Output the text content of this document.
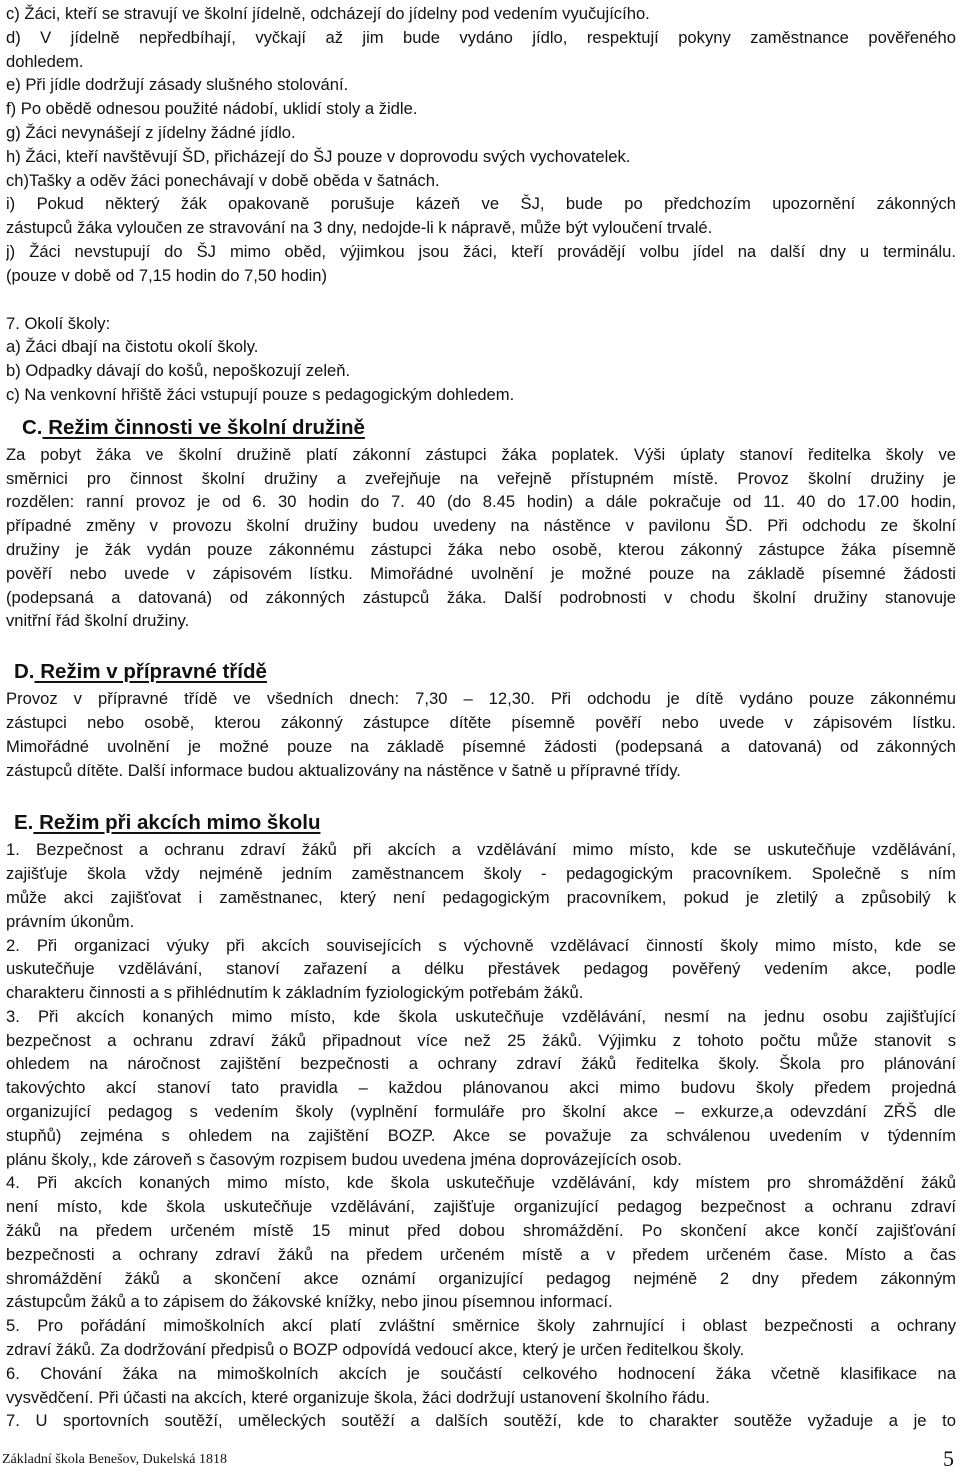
c) Žáci, kteří se stravují ve školní jídelně, odcházejí do jídelny pod vedením vyučujícího.
d) V jídelně nepředbíhají, vyčkají až jim bude vydáno jídlo, respektují pokyny zaměstnance pověřeného
dohledem.
e) Při jídle dodržují zásady slušného stolování.
f) Po obědě odnesou použité nádobí, uklidí stoly a židle.
g) Žáci nevynášejí z jídelny žádné jídlo.
h) Žáci, kteří navštěvují ŠD, přicházejí do ŠJ pouze v doprovodu svých vychovatelek.
ch)Tašky a oděv žáci ponechávají v době oběda v šatnách.
i) Pokud některý žák opakovaně porušuje kázeň ve ŠJ, bude po předchozím upozornění zákonných
zástupců žáka vyloučen ze stravování na 3 dny, nedojde-li k nápravě, může být vyloučení trvalé.
j) Žáci nevstupují do ŠJ mimo oběd, výjimkou jsou žáci, kteří provádějí volbu jídel na další dny u terminálu.
(pouze v době od 7,15 hodin do 7,50 hodin)
7. Okolí školy:
a) Žáci dbají na čistotu okolí školy.
b) Odpadky dávají do košů, nepoškozují zeleň.
c) Na venkovní hřiště žáci vstupují pouze s pedagogickým dohledem.
C. Režim činnosti ve školní družině
Za pobyt žáka ve školní družině platí zákonní zástupci žáka poplatek. Výši úplaty stanoví ředitelka školy ve
směrnici pro činnost školní družiny a zveřejňuje na veřejně přístupném místě. Provoz školní družiny je
rozdělen: ranní provoz je od 6. 30 hodin do 7. 40 (do 8.45 hodin) a dále pokračuje od 11. 40 do 17.00 hodin,
případné změny v provozu školní družiny budou uvedeny na nástěnce v pavilonu ŠD. Při odchodu ze školní
družiny je žák vydán pouze zákonnému zástupci žáka nebo osobě, kterou zákonný zástupce žáka písemně
pověří nebo uvede v zápisovém lístku. Mimořádné uvolnění je možné pouze na základě písemné žádosti
(podepsaná a datovaná) od zákonných zástupců žáka. Další podrobnosti v chodu školní družiny stanovuje
vnitřní řád školní družiny.
D. Režim v přípravné třídě
Provoz v přípravné třídě ve všedních dnech: 7,30 – 12,30. Při odchodu je dítě vydáno pouze zákonnému
zástupci nebo osobě, kterou zákonný zástupce dítěte písemně pověří nebo uvede v zápisovém lístku.
Mimořádné uvolnění je možné pouze na základě písemné žádosti (podepsaná a datovaná) od zákonných
zástupců dítěte. Další informace budou aktualizovány na nástěnce v šatně u přípravné třídy.
E. Režim při akcích mimo školu
1. Bezpečnost a ochranu zdraví žáků při akcích a vzdělávání mimo místo, kde se uskutečňuje vzdělávání,
zajišťuje škola vždy nejméně jedním zaměstnancem školy - pedagogickým pracovníkem. Společně s ním
může akci zajišťovat i zaměstnanec, který není pedagogickým pracovníkem, pokud je zletilý a způsobilý k
právním úkonům.
2. Při organizaci výuky při akcích souvisejících s výchovně vzdělávací činností školy mimo místo, kde se
uskutečňuje vzdělávání, stanoví zařazení a délku přestávek pedagog pověřený vedením akce, podle
charakteru činnosti a s přihlédnutím k základním fyziologickým potřebám žáků.
3. Při akcích konaných mimo místo, kde škola uskutečňuje vzdělávání, nesmí na jednu osobu zajišťující
bezpečnost a ochranu zdraví žáků připadnout více než 25 žáků. Výjimku z tohoto počtu může stanovit s
ohledem na náročnost zajištění bezpečnosti a ochrany zdraví žáků ředitelka školy. Škola pro plánování
takovýchto akcí stanoví tato pravidla – každou plánovanou akci mimo budovu školy předem projedná
organizující pedagog s vedením školy (vyplnění formuláře pro školní akce – exkurze,a odevzdání ZŘŠ dle
stupňů) zejména s ohledem na zajištění BOZP. Akce se považuje za schválenou uvedením v týdenním
plánu školy,, kde zároveň s časovým rozpisem budou uvedena jména doprovázejících osob.
4. Při akcích konaných mimo místo, kde škola uskutečňuje vzdělávání, kdy místem pro shromáždění žáků
není místo, kde škola uskutečňuje vzdělávání, zajišťuje organizující pedagog bezpečnost a ochranu zdraví
žáků na předem určeném místě 15 minut před dobou shromáždění. Po skončení akce končí zajišťování
bezpečnosti a ochrany zdraví žáků na předem určeném místě a v předem určeném čase. Místo a čas
shromáždění žáků a skončení akce oznámí organizující pedagog nejméně 2 dny předem zákonným
zástupcům žáků a to zápisem do žákovské knížky, nebo jinou písemnou informací.
5. Pro pořádání mimoškolních akcí platí zvláštní směrnice školy zahrnující i oblast bezpečnosti a ochrany
zdraví žáků. Za dodržování předpisů o BOZP odpovídá vedoucí akce, který je určen ředitelkou školy.
6. Chování žáka na mimoškolních akcích je součástí celkového hodnocení žáka včetně klasifikace na
vysvědčení. Při účasti na akcích, které organizuje škola, žáci dodržují ustanovení školního řádu.
7. U sportovních soutěží, uměleckých soutěží a dalších soutěží, kde to charakter soutěže vyžaduje a je to
Základní škola Benešov, Dukelská 1818	5
